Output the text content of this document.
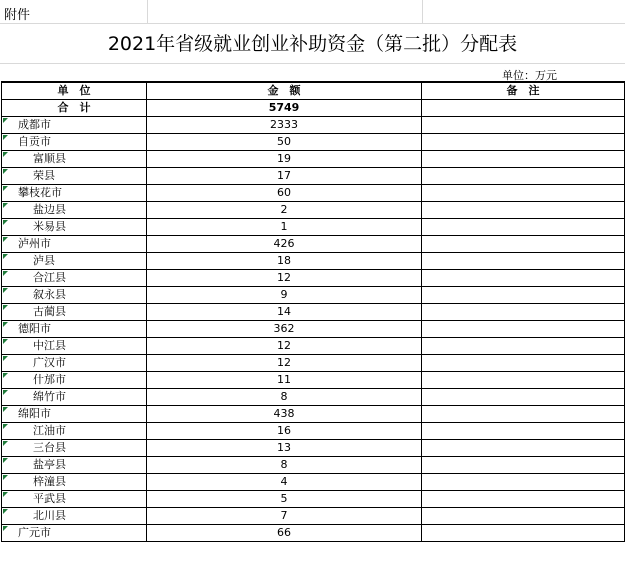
附件
2021年省级就业创业补助资金（第二批）分配表
单位：万元
单　位	金　额	备　注
合　计	5749	
成都市	2333	
自贡市	50	
富顺县	19	
荣县	17	
攀枝花市	60	
盐边县	2	
米易县	1	
泸州市	426	
泸县	18	
合江县	12	
叙永县	9	
古蔺县	14	
德阳市	362	
中江县	12	
广汉市	12	
什邡市	11	
绵竹市	8	
绵阳市	438	
江油市	16	
三台县	13	
盐亭县	8	
梓潼县	4	
平武县	5	
北川县	7	
广元市	66	
